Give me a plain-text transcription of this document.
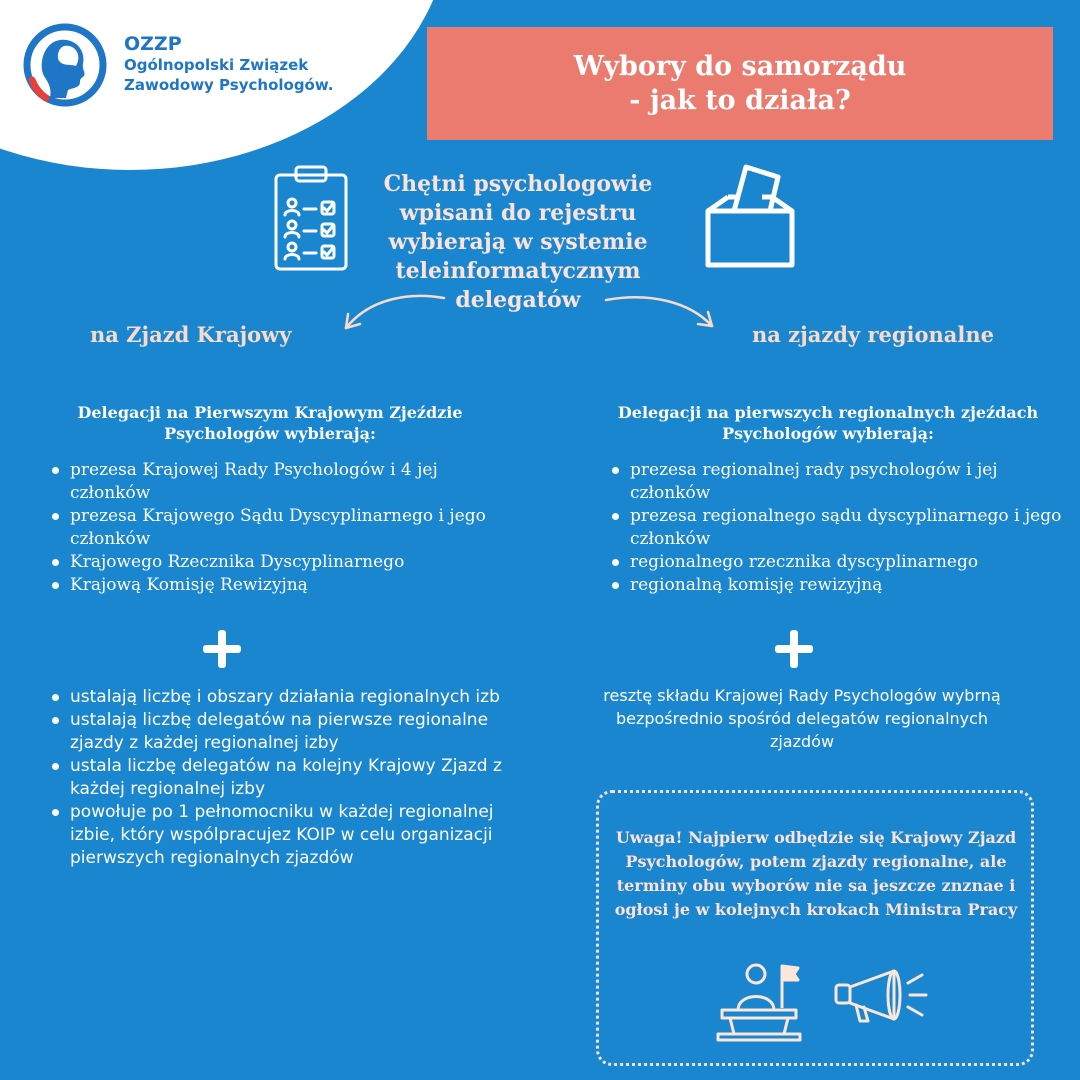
OZZP
Ogólnopolski Związek
Zawodowy Psychologów.
Wybory do samorządu
- jak to działa?
Chętni psychologowie wpisani do rejestru wybierają w systemie teleinformatycznym delegatów
na Zjazd Krajowy	na zjazdy regionalne
Delegacji na Pierwszym Krajowym Zjeździe Psychologów wybierają:
Delegacji na pierwszych regionalnych zjeźdach Psychologów wybierają:
prezesa Krajowej Rady Psychologów i 4 jej członków
prezesa Krajowego Sądu Dyscyplinarnego i jego członków
Krajowego Rzecznika Dyscyplinarnego
Krajową Komisję Rewizyjną
prezesa regionalnej rady psychologów i jej członków
prezesa regionalnego sądu dyscyplinarnego i jego członków
regionalnego rzecznika dyscyplinarnego
regionalną komisję rewizyjną
ustalają liczbę i obszary działania regionalnych izb
ustalają liczbę delegatów na pierwsze regionalne zjazdy z każdej regionalnej izby
ustala liczbę delegatów na kolejny Krajowy Zjazd z każdej regionalnej izby
powołuje po 1 pełnomocniku w każdej regionalnej izbie, który wspólpracujez KOIP w celu organizacji pierwszych regionalnych zjazdów
resztę składu Krajowej Rady Psychologów wybrną bezpośrednio spośród delegatów regionalnych zjazdów
Uwaga! Najpierw odbędzie się Krajowy Zjazd Psychologów, potem zjazdy regionalne, ale terminy obu wyborów nie sa jeszcze znznae i ogłosi je w kolejnych krokach Ministra Pracy
